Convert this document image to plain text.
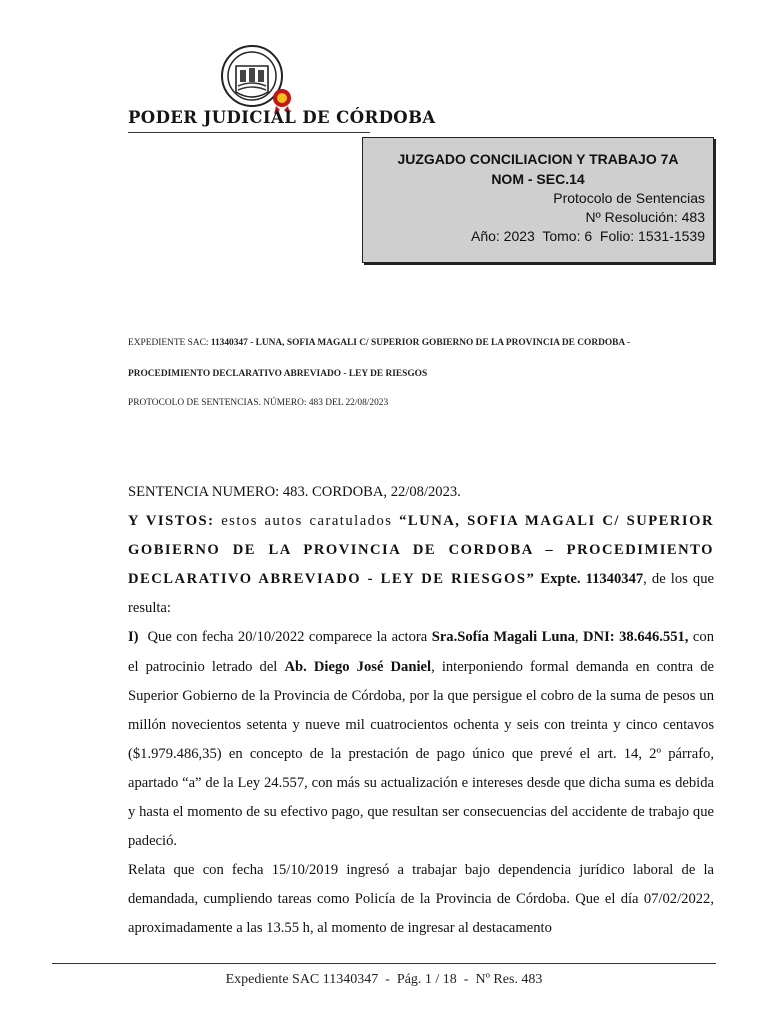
PODER JUDICIAL DE CÓRDOBA
JUZGADO CONCILIACION Y TRABAJO 7A
NOM - SEC.14
Protocolo de Sentencias
Nº Resolución: 483
Año: 2023  Tomo: 6  Folio: 1531-1539
EXPEDIENTE SAC: 11340347 - LUNA, SOFIA MAGALI C/ SUPERIOR GOBIERNO DE LA PROVINCIA DE CORDOBA -
PROCEDIMIENTO DECLARATIVO ABREVIADO - LEY DE RIESGOS
PROTOCOLO DE SENTENCIAS. NÚMERO: 483 DEL 22/08/2023

SENTENCIA NUMERO: 483. CORDOBA, 22/08/2023.

Y VISTOS: estos autos caratulados “LUNA, SOFIA MAGALI C/ SUPERIOR GOBIERNO DE LA PROVINCIA DE CORDOBA – PROCEDIMIENTO DECLARATIVO ABREVIADO - LEY DE RIESGOS” Expte. 11340347, de los que resulta:

I)  Que con fecha 20/10/2022 comparece la actora Sra.Sofía Magali Luna, DNI: 38.646.551, con el patrocinio letrado del Ab. Diego José Daniel, interponiendo formal demanda en contra de Superior Gobierno de la Provincia de Córdoba, por la que persigue el cobro de la suma de pesos un millón novecientos setenta y nueve mil cuatrocientos ochenta y seis con treinta y cinco centavos ($1.979.486,35) en concepto de la prestación de pago único que prevé el art. 14, 2º párrafo, apartado “a” de la Ley 24.557, con más su actualización e intereses desde que dicha suma es debida y hasta el momento de su efectivo pago, que resultan ser consecuencias del accidente de trabajo que padeció.

Relata que con fecha 15/10/2019 ingresó a trabajar bajo dependencia jurídico laboral de la demandada, cumpliendo tareas como Policía de la Provincia de Córdoba. Que el día 07/02/2022, aproximadamente a las 13.55 h, al momento de ingresar al destacamento

Expediente SAC 11340347  -  Pág. 1 / 18  -  Nº Res. 483
